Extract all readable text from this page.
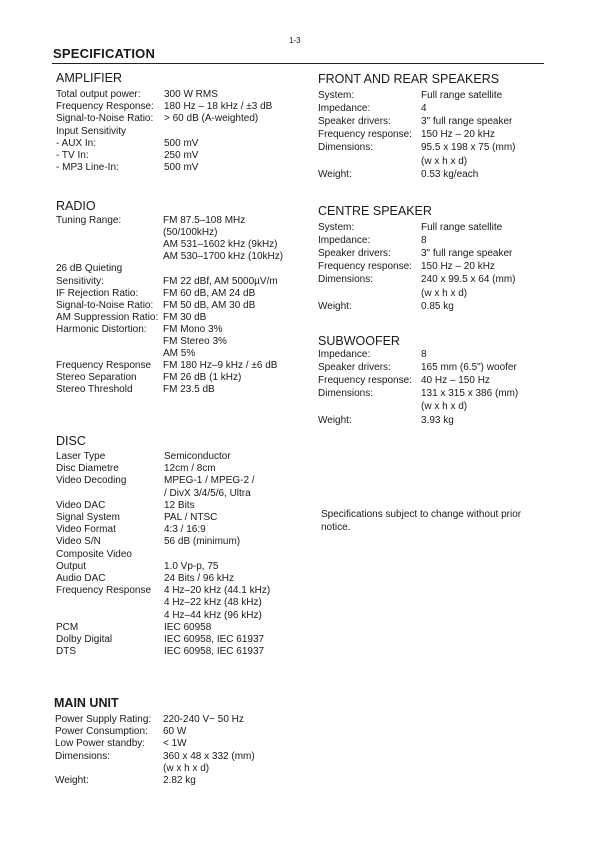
1-3
SPECIFICATION
AMPLIFIER
Total output power: 300 W RMS
Frequency Response: 180 Hz – 18 kHz / ±3 dB
Signal-to-Noise Ratio: > 60 dB (A-weighted)
Input Sensitivity
- AUX In:	500 mV
- TV In:	250 mV
- MP3 Line-In:	500 mV
RADIO
Tuning Range:	FM 87.5–108 MHz
(50/100kHz)
AM 531–1602 kHz (9kHz)
AM 530–1700 kHz (10kHz)
26 dB Quieting
Sensitivity:	FM 22 dBf, AM 5000µV/m
IF Rejection Ratio: FM 60 dB, AM 24 dB
Signal-to-Noise Ratio: FM 50 dB, AM 30 dB
AM Suppression Ratio: FM 30 dB
Harmonic Distortion: FM Mono 3%
FM Stereo 3%
AM 5%
Frequency Response FM 180 Hz–9 kHz / ±6 dB
Stereo Separation	FM 26 dB (1 kHz)
Stereo Threshold	FM 23.5 dB
DISC
Laser Type	Semiconductor
Disc Diametre	12cm / 8cm
Video Decoding	MPEG-1 / MPEG-2 /
/ DivX 3/4/5/6, Ultra
Video DAC	12 Bits
Signal System	PAL / NTSC
Video Format	4:3 / 16:9
Video S/N	56 dB (minimum)
Composite Video
Output	1.0 Vp-p, 75
Audio DAC	24 Bits / 96 kHz
Frequency Response 4 Hz–20 kHz (44.1 kHz)
4 Hz–22 kHz (48 kHz)
4 Hz–44 kHz (96 kHz)
PCM	IEC 60958
Dolby Digital	IEC 60958, IEC 61937
DTS	IEC 60958, IEC 61937
MAIN UNIT
Power Supply Rating: 220-240 V~ 50 Hz
Power Consumption: 60 W
Low Power standby: < 1W
Dimensions:	360 x 48 x 332 (mm)
(w x h x d)
Weight:	2.82 kg
FRONT AND REAR SPEAKERS
System:	Full range satellite
Impedance:	4
Speaker drivers:	3" full range speaker
Frequency response: 150 Hz – 20 kHz
Dimensions:	95.5 x 198 x 75 (mm)
(w x h x d)
Weight:	0.53 kg/each
CENTRE SPEAKER
System:	Full range satellite
Impedance:	8
Speaker drivers:	3" full range speaker
Frequency response: 150 Hz – 20 kHz
Dimensions:	240 x 99.5 x 64 (mm)
(w x h x d)
Weight:	0.85 kg
SUBWOOFER
Impedance:	8
Speaker drivers:	165 mm (6.5") woofer
Frequency response: 40 Hz – 150 Hz
Dimensions:	131 x 315 x 386 (mm)
(w x h x d)
Weight:	3.93 kg
Specifications subject to change without prior notice.
